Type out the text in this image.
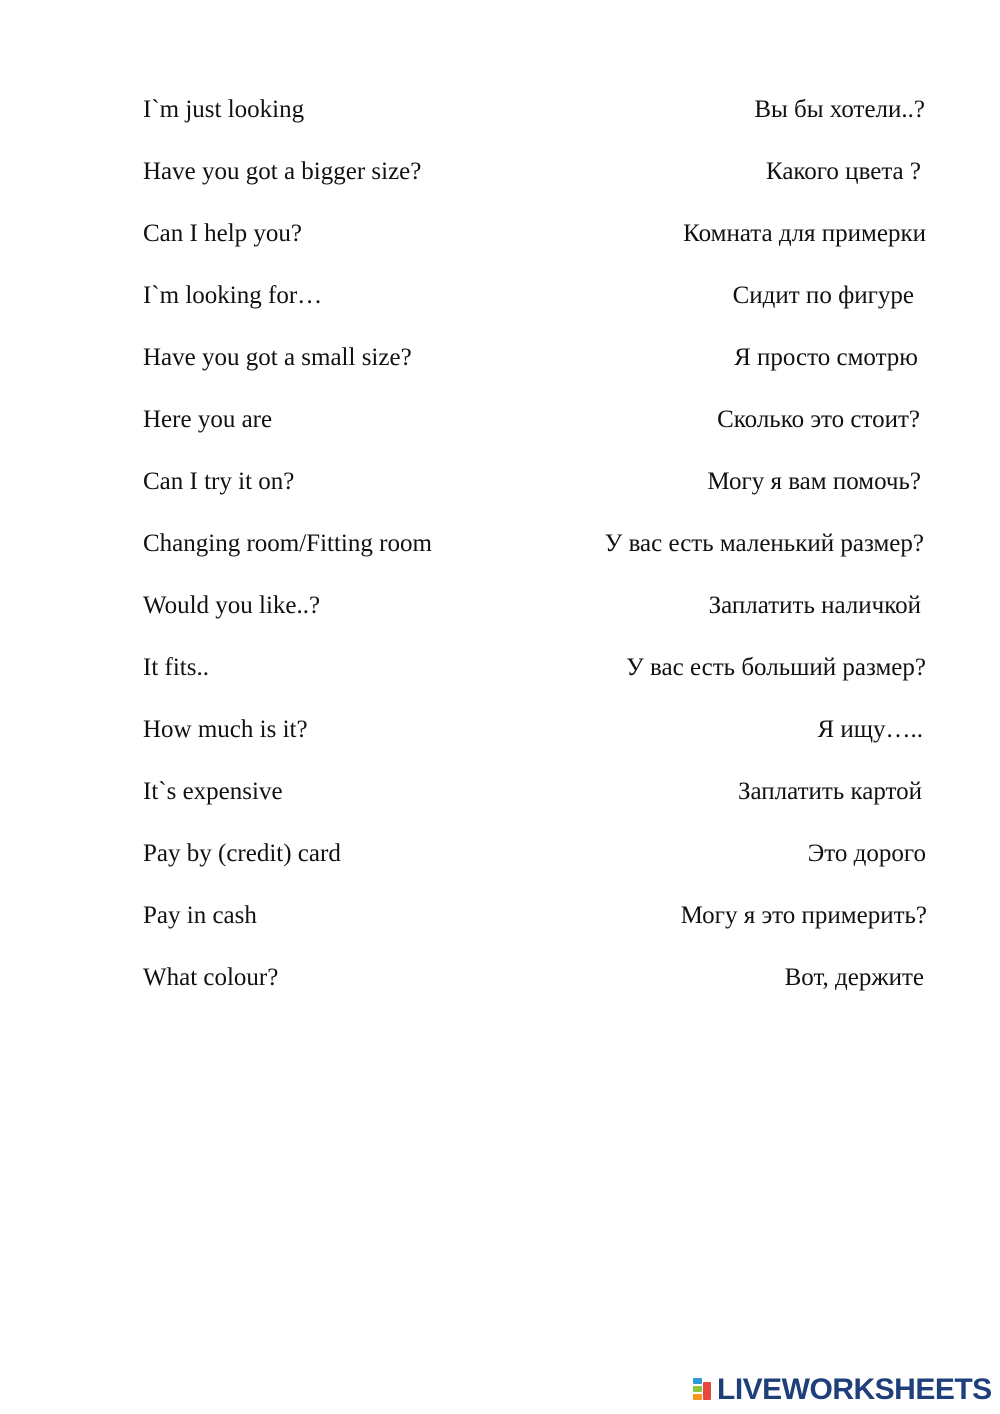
I`m just looking	Вы бы хотели..?
Have you got a bigger size?	Какого цвета ?
Can I help you?	Комната для примерки
I`m looking for…	Сидит по фигуре
Have you got a small size?	Я просто смотрю
Here you are	Сколько это стоит?
Can I try it on?	Могу я вам помочь?
Changing room/Fitting room	У вас есть маленький размер?
Would you like..?	Заплатить наличкой
It fits..	У вас есть больший размер?
How much is it?	Я ищу…..
It`s expensive	Заплатить картой
Pay by (credit) card	Это дорого
Pay in cash	Могу я это примерить?
What colour?	Вот, держите
LIVEWORKSHEETS
